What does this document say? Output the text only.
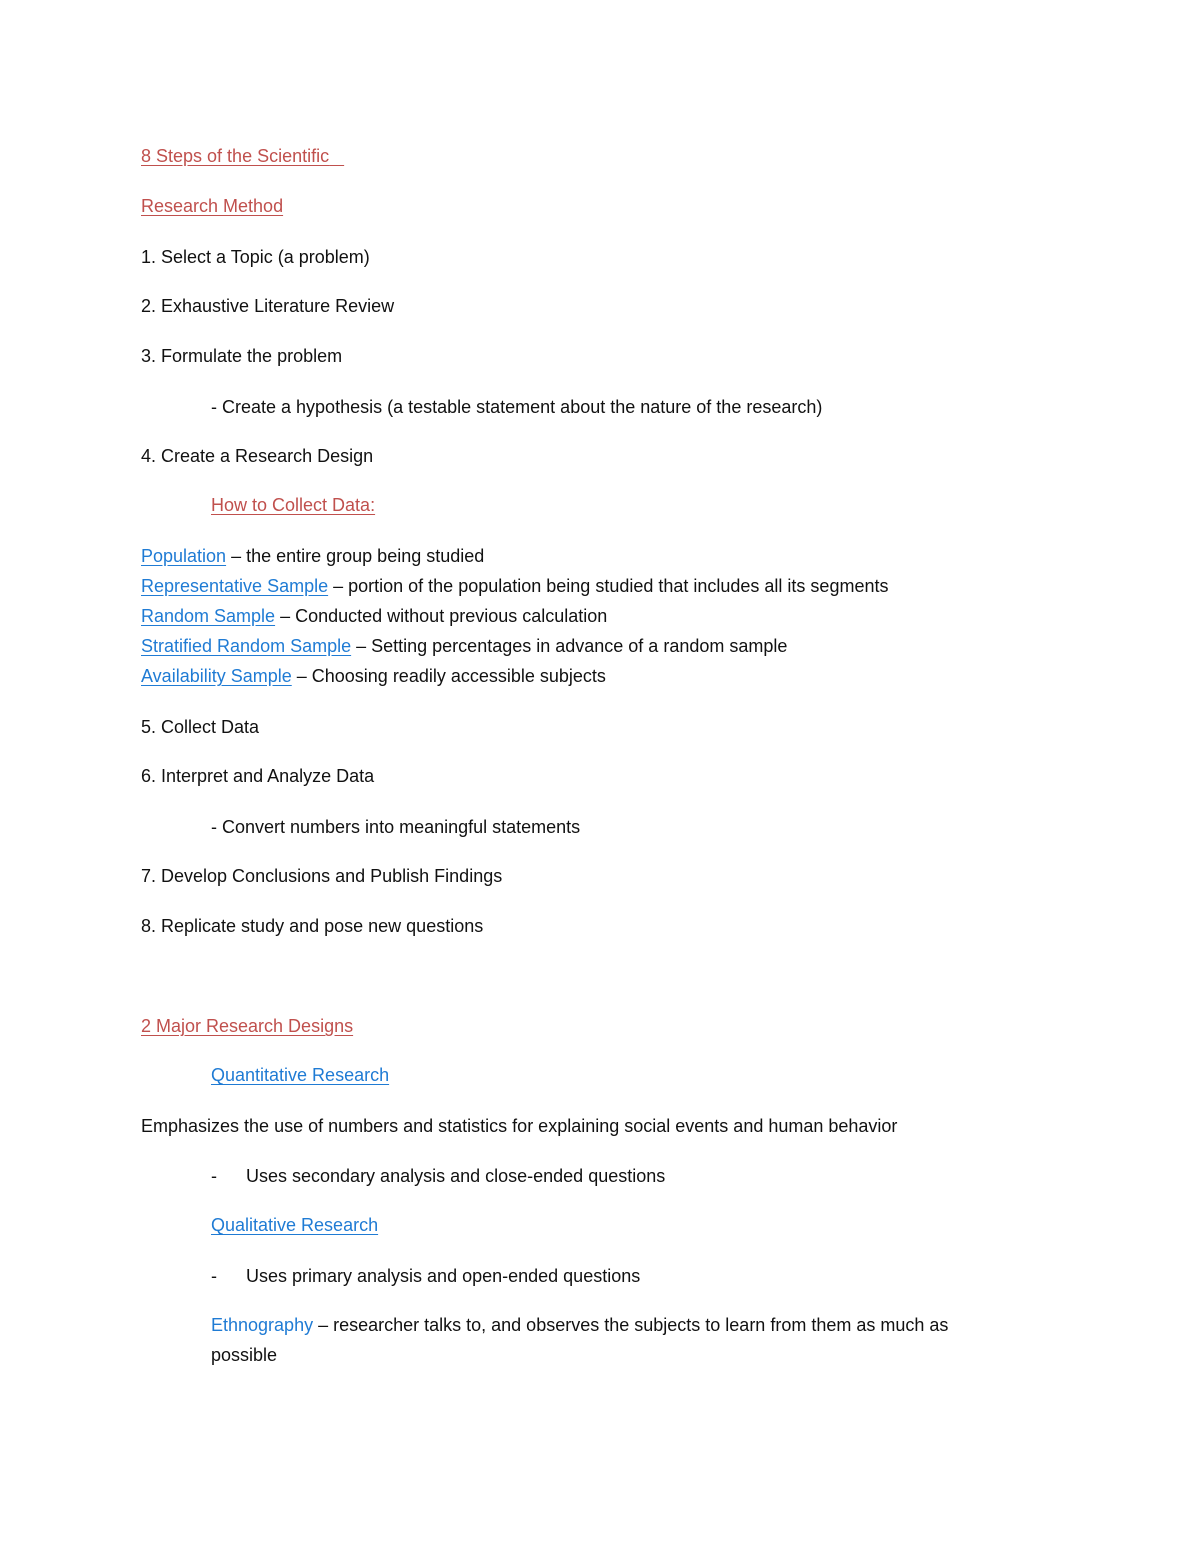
8 Steps of the Scientific
Research Method
1. Select a Topic (a problem)
2. Exhaustive Literature Review
3. Formulate the problem
- Create a hypothesis (a testable statement about the nature of the research)
4. Create a Research Design
How to Collect Data:
Population – the entire group being studied
Representative Sample – portion of the population being studied that includes all its segments
Random Sample – Conducted without previous calculation
Stratified Random Sample – Setting percentages in advance of a random sample
Availability Sample – Choosing readily accessible subjects
5. Collect Data
6. Interpret and Analyze Data
- Convert numbers into meaningful statements
7. Develop Conclusions and Publish Findings
8. Replicate study and pose new questions
2 Major Research Designs
Quantitative Research
Emphasizes the use of numbers and statistics for explaining social events and human behavior
- Uses secondary analysis and close-ended questions
Qualitative Research
- Uses primary analysis and open-ended questions
Ethnography – researcher talks to, and observes the subjects to learn from them as much as
possible
